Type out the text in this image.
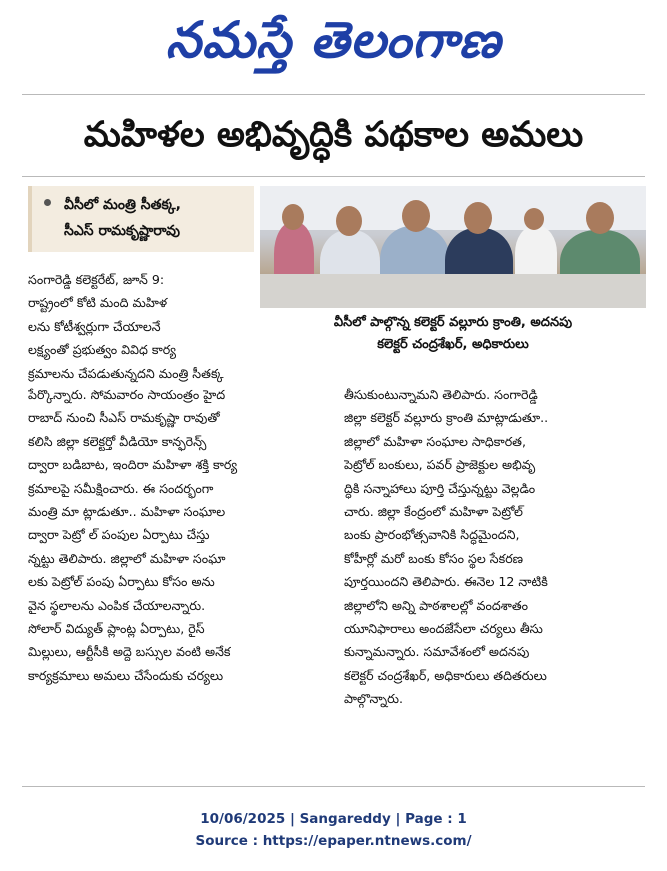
నమస్తే తెలంగాణ
మహిళల అభివృద్ధికి పథకాల అమలు
వీసీలో మంత్రి సీతక్క,
సీఎస్ రామకృష్ణారావు
వీసీలో పాల్గొన్న కలెక్టర్ వల్లూరు క్రాంతి, అదనపు
కలెక్టర్ చంద్రశేఖర్, అధికారులు
సంగారెడ్డి కలెక్టరేట్, జూన్ 9:
రాష్ట్రంలో కోటి మంది మహిళ
లను కోటీశ్వర్లుగా చేయాలనే
లక్ష్యంతో ప్రభుత్వం వివిధ కార్య
క్రమాలను చేపడుతున్నదని మంత్రి సీతక్క
పేర్కొన్నారు. సోమవారం సాయంత్రం హైద
రాబాద్ నుంచి సీఎస్ రామకృష్ణా రావుతో
కలిసి జిల్లా కలెక్టర్తో వీడియో కాన్ఫరెన్స్
ద్వారా బడిబాట, ఇందిరా మహిళా శక్తి కార్య
క్రమాలపై సమీక్షించారు. ఈ సందర్భంగా
మంత్రి మా ట్లాడుతూ.. మహిళా సంఘాల
ద్వారా పెట్రో ల్ పంపుల ఏర్పాటు చేస్తు
న్నట్టు తెలిపారు. జిల్లాలో మహిళా సంఘా
లకు పెట్రోల్ పంపు ఏర్పాటు కోసం అను
వైన స్థలాలను ఎంపిక చేయాలన్నారు.
సోలార్ విద్యుత్ ప్లాంట్ల ఏర్పాటు, రైస్
మిల్లులు, ఆర్టీసీకి అద్దె బస్సుల వంటి అనేక
కార్యక్రమాలు అమలు చేసేందుకు చర్యలు
తీసుకుంటున్నామని తెలిపారు. సంగారెడ్డి
జిల్లా కలెక్టర్ వల్లూరు క్రాంతి మాట్లాడుతూ..
జిల్లాలో మహిళా సంఘాల సాధికారత,
పెట్రోల్ బంకులు, పవర్ ప్రాజెక్టుల అభివృ
ద్ధికి సన్నాహాలు పూర్తి చేస్తున్నట్టు వెల్లడిం
చారు. జిల్లా కేంద్రంలో మహిళా పెట్రోల్
బంకు ప్రారంభోత్సవానికి సిద్ధమైందని,
కోహీర్లో మరో బంకు కోసం స్థల సేకరణ
పూర్తయిందని తెలిపారు. ఈనెల 12 నాటికి
జిల్లాలోని అన్ని పాఠశాలల్లో వందశాతం
యూనిఫారాలు అందజేసేలా చర్యలు తీసు
కున్నామన్నారు. సమావేశంలో అదనపు
కలెక్టర్ చంద్రశేఖర్, అధికారులు తదితరులు
పాల్గొన్నారు.
10/06/2025 | Sangareddy | Page : 1
Source : https://epaper.ntnews.com/
